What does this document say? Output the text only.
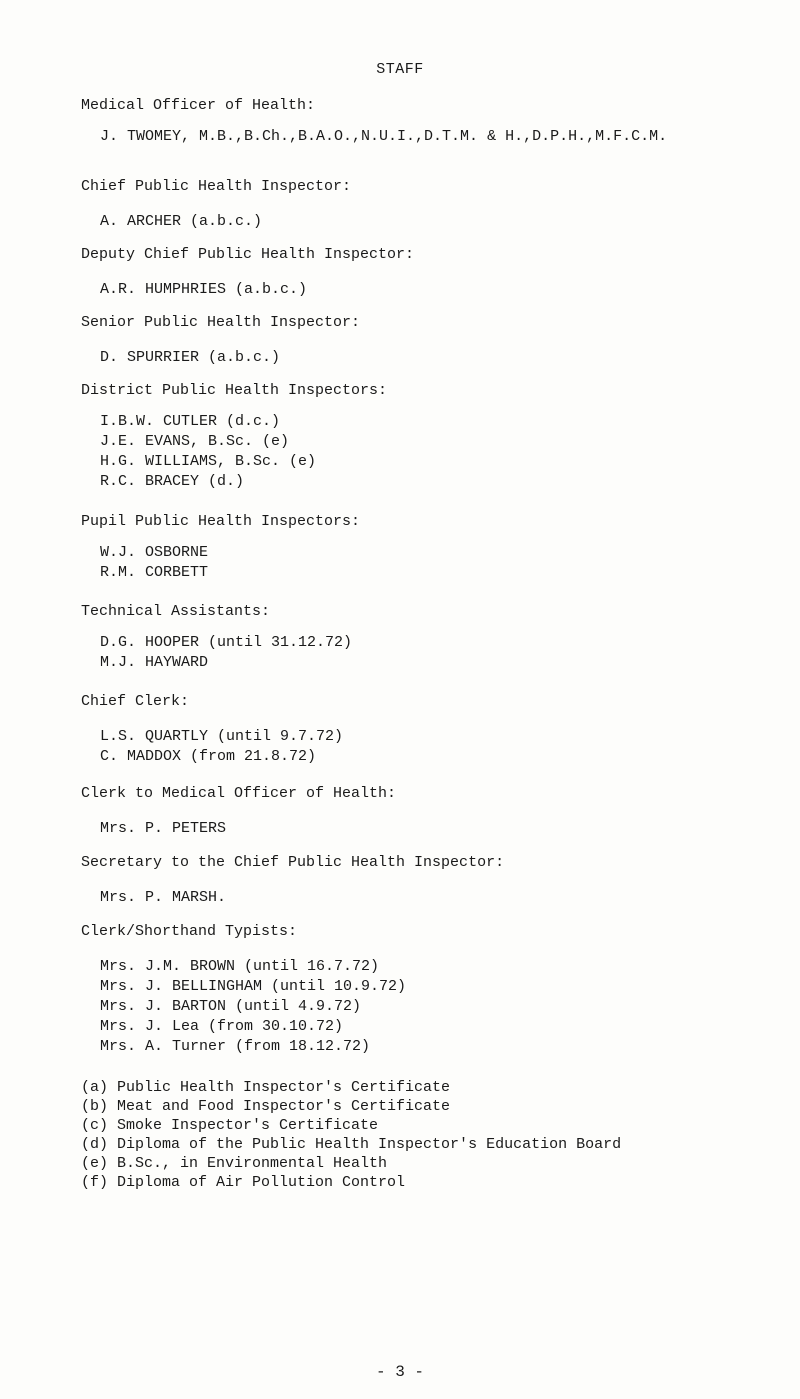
STAFF
Medical Officer of Health:
J. TWOMEY, M.B.,B.Ch.,B.A.O.,N.U.I.,D.T.M. & H.,D.P.H.,M.F.C.M.
Chief Public Health Inspector:
A. ARCHER (a.b.c.)
Deputy Chief Public Health Inspector:
A.R. HUMPHRIES (a.b.c.)
Senior Public Health Inspector:
D. SPURRIER (a.b.c.)
District Public Health Inspectors:
I.B.W. CUTLER (d.c.)
J.E. EVANS, B.Sc. (e)
H.G. WILLIAMS, B.Sc. (e)
R.C. BRACEY (d.)
Pupil Public Health Inspectors:
W.J. OSBORNE
R.M. CORBETT
Technical Assistants:
D.G. HOOPER (until 31.12.72)
M.J. HAYWARD
Chief Clerk:
L.S. QUARTLY (until 9.7.72)
C. MADDOX (from 21.8.72)
Clerk to Medical Officer of Health:
Mrs. P. PETERS
Secretary to the Chief Public Health Inspector:
Mrs. P. MARSH.
Clerk/Shorthand Typists:
Mrs. J.M. BROWN (until 16.7.72)
Mrs. J. BELLINGHAM (until 10.9.72)
Mrs. J. BARTON (until 4.9.72)
Mrs. J. Lea (from 30.10.72)
Mrs. A. Turner (from 18.12.72)
(a) Public Health Inspector's Certificate
(b) Meat and Food Inspector's Certificate
(c) Smoke Inspector's Certificate
(d) Diploma of the Public Health Inspector's Education Board
(e) B.Sc., in Environmental Health
(f) Diploma of Air Pollution Control
- 3 -
